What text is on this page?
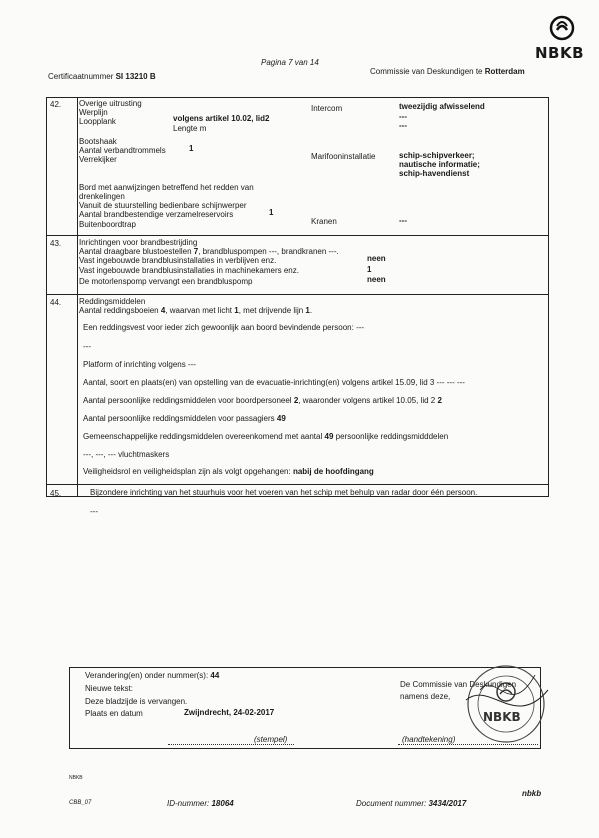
NBKB
Pagina 7 van 14
Certificaatnummer SI 13210 B
Commissie van Deskundigen te Rotterdam
42. Overige uitrusting
Werplijn
Loopplank	volgens artikel 10.02, lid2
Lengte m
Bootshaak
Aantal verbandtrommels	1
Verrekijker
Bord met aanwijzingen betreffend het redden van
drenkelingen
Vanuit de stuurstelling bedienbare schijnwerper
Aantal brandbestendige verzamelreservoirs	1
Buitenboordtrap
Intercom	tweezijdig afwisselend
---
---
Marifooninstallatie	schip-schipverkeer;
nautische informatie;
schip-havendienst
Kranen	---
43. Inrichtingen voor brandbestrijding
Aantal draagbare blustoestellen 7, brandbluspompen ---, brandkranen ---.
Vast ingebouwde brandblusinstallaties in verblijven enz.	neen
Vast ingebouwde brandblusinstallaties in machinekamers enz.	1
De motorlenspomp vervangt een brandbluspomp	neen
44. Reddingsmiddelen
Aantal reddingsboeien 4, waarvan met licht 1, met drijvende lijn 1.
Een reddingsvest voor ieder zich gewoonlijk aan boord bevindende persoon: ---
---
Platform of inrichting volgens ---
Aantal, soort en plaats(en) van opstelling van de evacuatie-inrichting(en) volgens artikel 15.09, lid 3 --- --- ---
Aantal persoonlijke reddingsmiddelen voor boordpersoneel 2, waaronder volgens artikel 10.05, lid 2 2
Aantal persoonlijke reddingsmiddelen voor passagiers 49
Gemeenschappelijke reddingsmiddelen overeenkomend met aantal 49 persoonlijke reddingsmidddelen
---, ---, --- vluchtmaskers
Veiligheidsrol en veiligheidsplan zijn als volgt opgehangen: nabij de hoofdingang
45.	Bijzondere inrichting van het stuurhuis voor het voeren van het schip met behulp van radar door één persoon.
---
Verandering(en) onder nummer(s): 44
Nieuwe tekst:
Deze bladzijde is vervangen.
Plaats en datum	Zwijndrecht, 24-02-2017
(stempel)
De Commissie van Deskundigen
namens deze,
(handtekening)
NBKB
NBKB
CBB_07	ID-nummer: 18064	Document nummer: 3434/2017
nbkb
